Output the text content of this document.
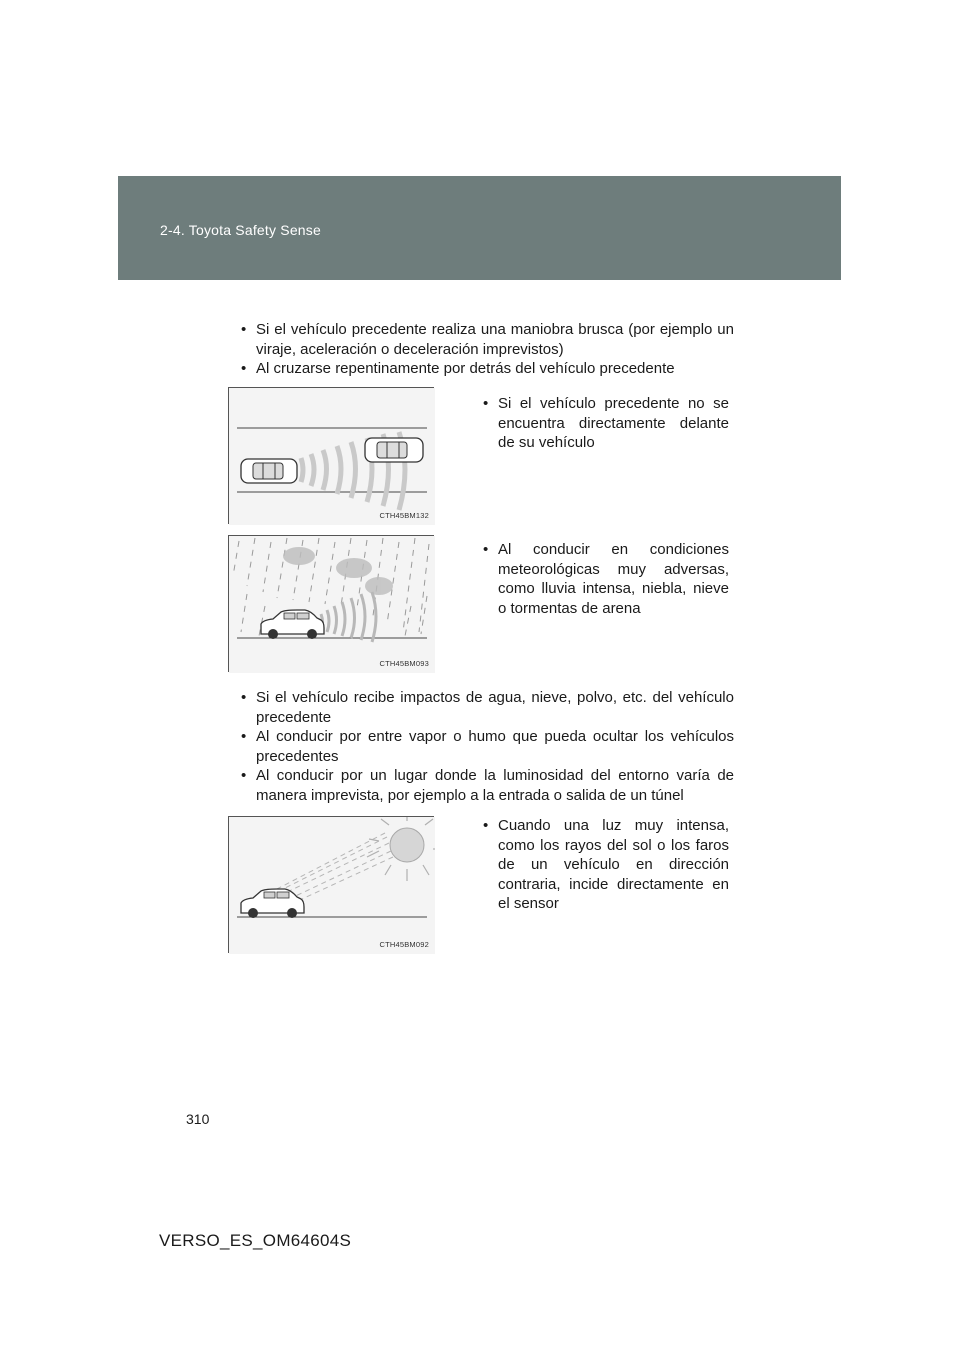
2-4. Toyota Safety Sense

• Si el vehículo precedente realiza una maniobra brusca (por ejemplo un viraje, aceleración o deceleración imprevistos)

• Al cruzarse repentinamente por detrás del vehículo precedente

CTH45BM132

• Si el vehículo precedente no se encuentra directamente delante de su vehículo

CTH45BM093

• Al conducir en condiciones meteorológicas muy adversas, como lluvia intensa, niebla, nieve o tormentas de arena

• Si el vehículo recibe impactos de agua, nieve, polvo, etc. del vehículo precedente

• Al conducir por entre vapor o humo que pueda ocultar los vehículos precedentes

• Al conducir por un lugar donde la luminosidad del entorno varía de manera imprevista, por ejemplo a la entrada o salida de un túnel

CTH45BM092

• Cuando una luz muy intensa, como los rayos del sol o los faros de un vehículo en dirección contraria, incide directamente en el sensor

310
VERSO_ES_OM64604S
